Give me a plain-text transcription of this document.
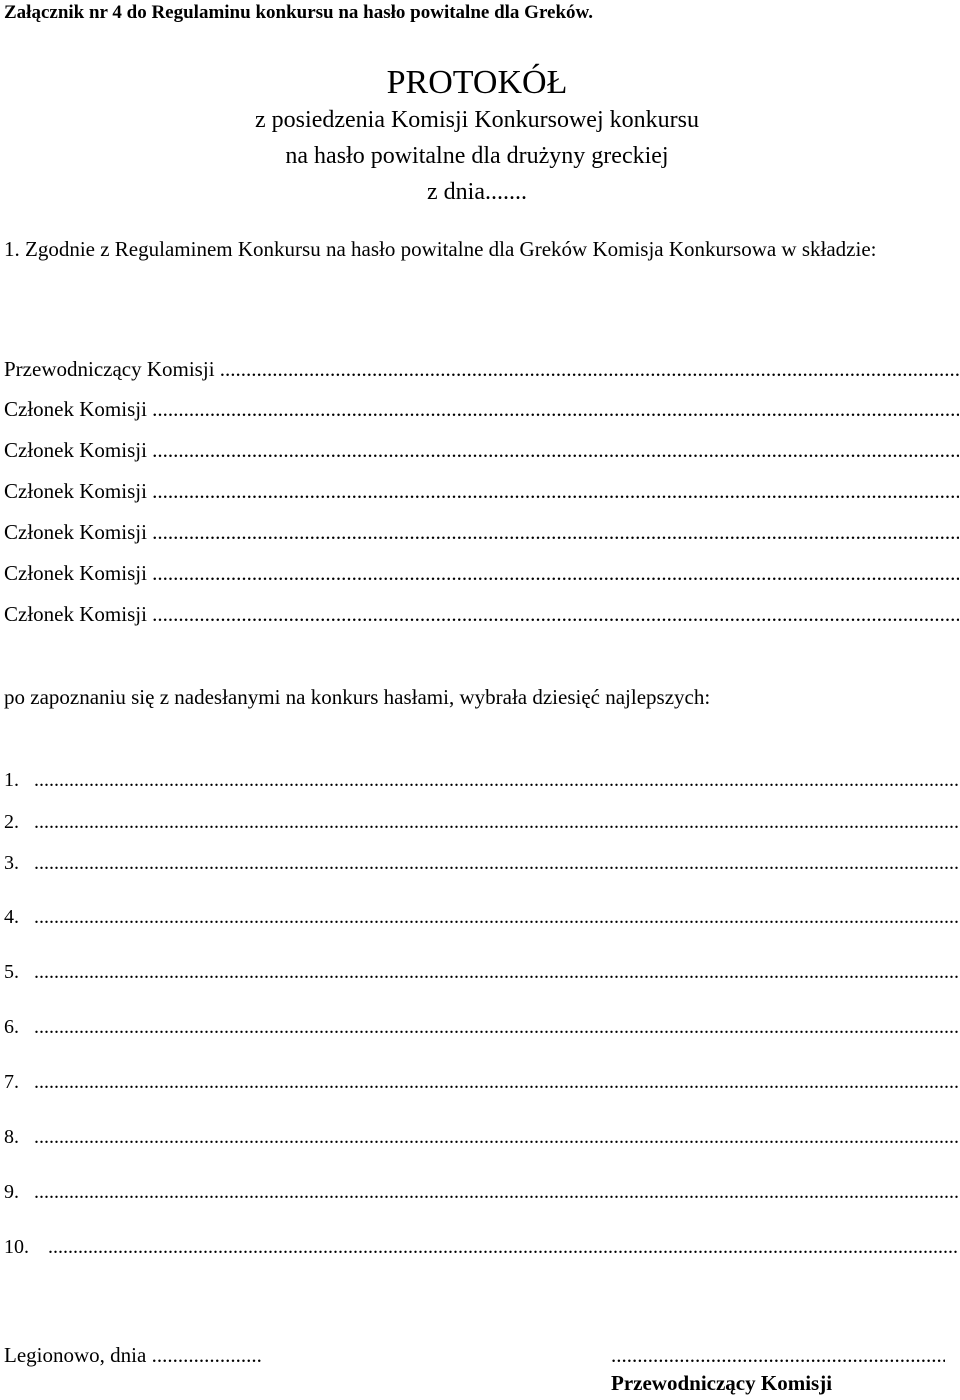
Załącznik nr 4 do Regulaminu konkursu na hasło powitalne dla Greków.
PROTOKÓŁ
z posiedzenia Komisji Konkursowej konkursu
na hasło powitalne dla drużyny greckiej
z dnia.......
1. Zgodnie z Regulaminem Konkursu na hasło powitalne dla Greków Komisja Konkursowa w składzie:
Przewodniczący Komisji .....
Członek Komisji .....
Członek Komisji .....
Członek Komisji .....
Członek Komisji .....
Członek Komisji .....
Członek Komisji .....
po zapoznaniu się z nadesłanymi na konkurs hasłami, wybrała dziesięć najlepszych:
1. .....
2. .....
3. .....
4. .....
5. .....
6. .....
7. .....
8. .....
9. .....
10. .....
Legionowo, dnia .....
.....
Przewodniczący Komisji
